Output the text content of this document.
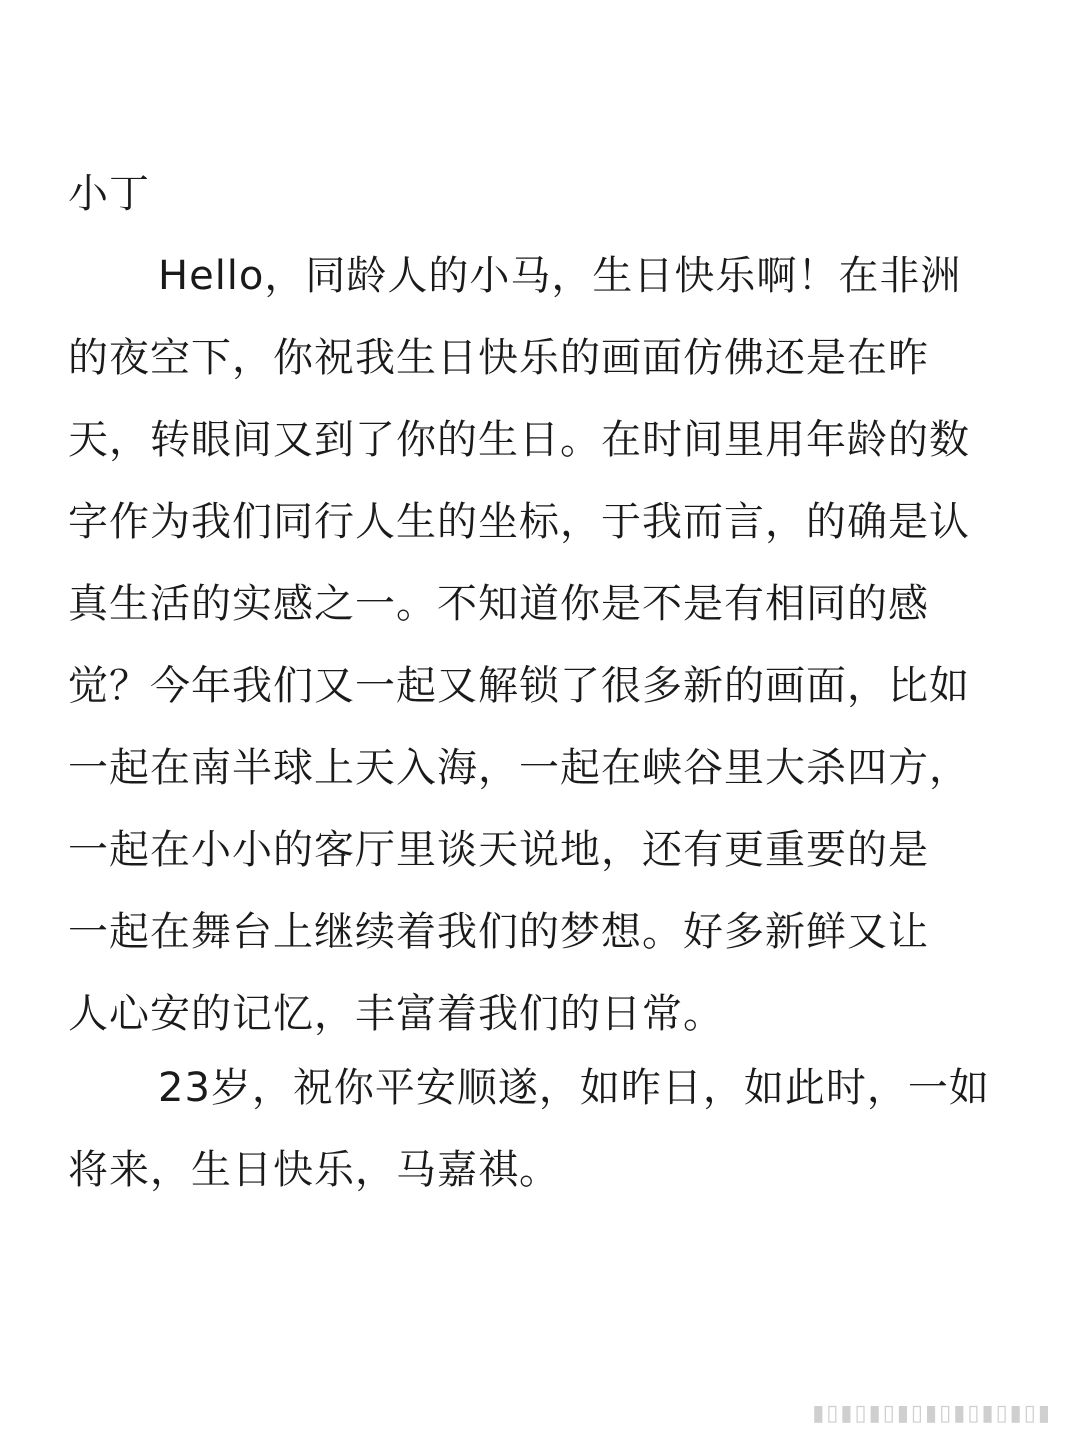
小丁
Hello，同龄人的小马，生日快乐啊！在非洲
的夜空下，你祝我生日快乐的画面仿佛还是在昨
天，转眼间又到了你的生日。在时间里用年龄的数
字作为我们同行人生的坐标，于我而言，的确是认
真生活的实感之一。不知道你是不是有相同的感
觉？今年我们又一起又解锁了很多新的画面，比如
一起在南半球上天入海，一起在峡谷里大杀四方，
一起在小小的客厅里谈天说地，还有更重要的是
一起在舞台上继续着我们的梦想。好多新鲜又让
人心安的记忆，丰富着我们的日常。
23岁，祝你平安顺遂，如昨日，如此时，一如
将来，生日快乐，马嘉祺。
▮▯▮▯▮▯▮▯▮▯▮▯▮▯▮▯▮
